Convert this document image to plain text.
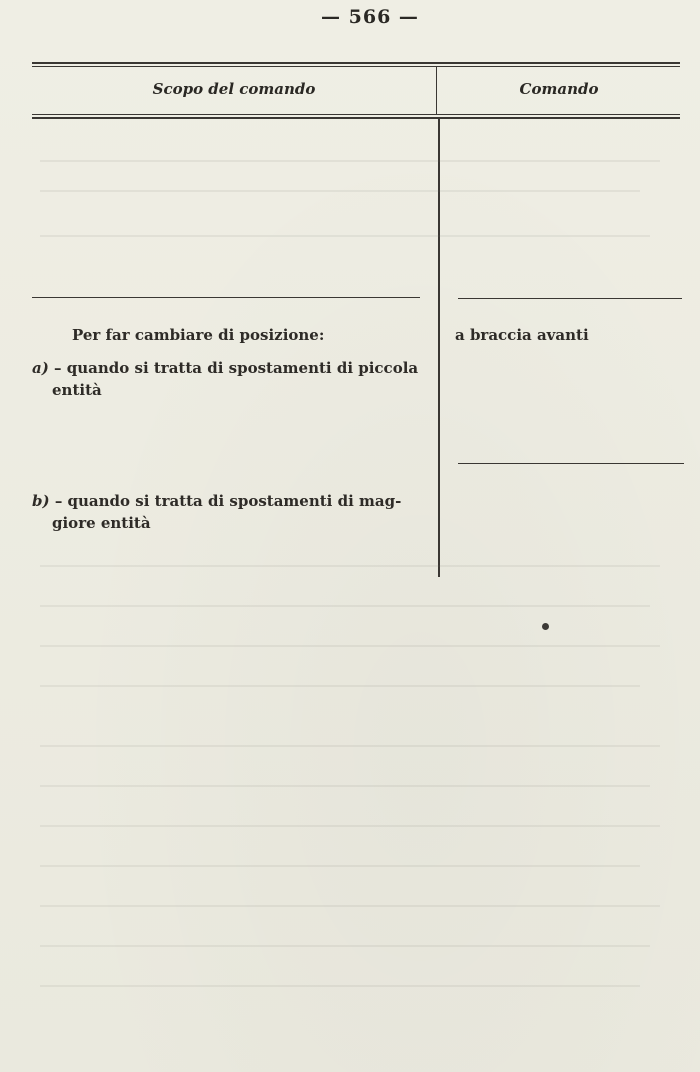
— 566 —
Scopo del comando	Comando
Per far cambiare di posizione:
a) – quando si tratta di spostamenti di piccola
entità
a braccia avanti
b) – quando si tratta di spostamenti di mag-
giore entità
